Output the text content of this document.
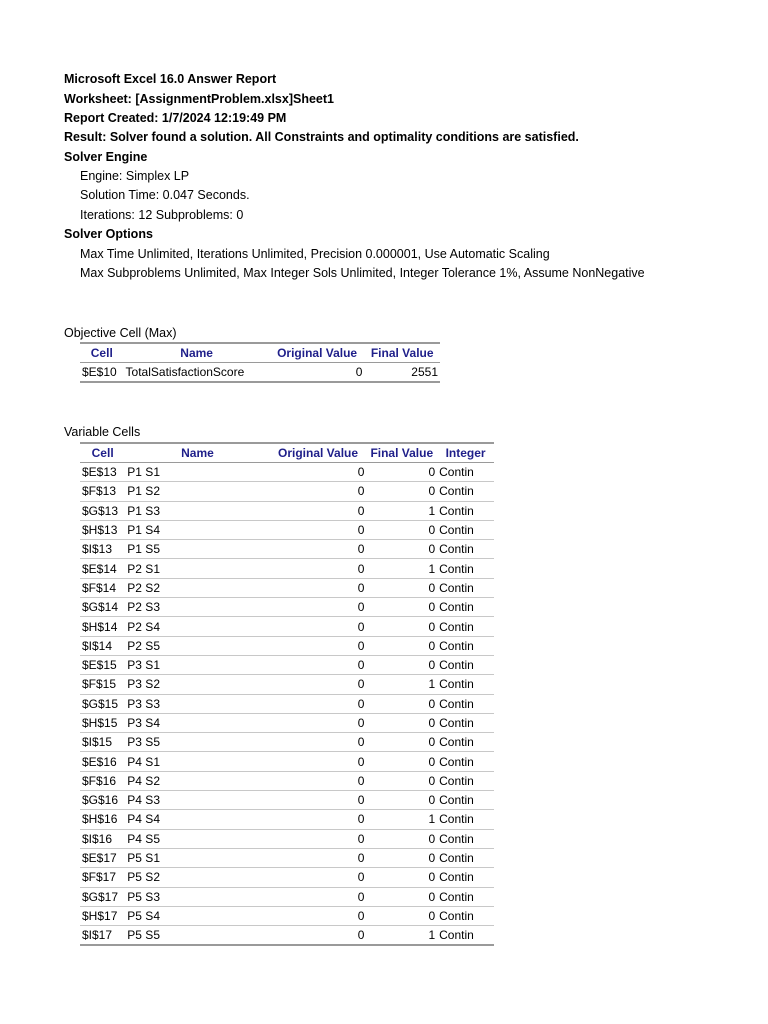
Microsoft Excel 16.0 Answer Report
Worksheet: [AssignmentProblem.xlsx]Sheet1
Report Created: 1/7/2024 12:19:49 PM
Result: Solver found a solution. All Constraints and optimality conditions are satisfied.
Solver Engine
Engine: Simplex LP
Solution Time: 0.047 Seconds.
Iterations: 12 Subproblems: 0
Solver Options
Max Time Unlimited, Iterations Unlimited, Precision 0.000001, Use Automatic Scaling
Max Subproblems Unlimited, Max Integer Sols Unlimited, Integer Tolerance 1%, Assume NonNegative
Objective Cell (Max)
Cell	Name	Original Value	Final Value
$E$10	TotalSatisfactionScore	0	2551
Variable Cells
Cell	Name	Original Value	Final Value	Integer
$E$13	P1 S1	0	0	Contin
$F$13	P1 S2	0	0	Contin
$G$13	P1 S3	0	1	Contin
$H$13	P1 S4	0	0	Contin
$I$13	P1 S5	0	0	Contin
$E$14	P2 S1	0	1	Contin
$F$14	P2 S2	0	0	Contin
$G$14	P2 S3	0	0	Contin
$H$14	P2 S4	0	0	Contin
$I$14	P2 S5	0	0	Contin
$E$15	P3 S1	0	0	Contin
$F$15	P3 S2	0	1	Contin
$G$15	P3 S3	0	0	Contin
$H$15	P3 S4	0	0	Contin
$I$15	P3 S5	0	0	Contin
$E$16	P4 S1	0	0	Contin
$F$16	P4 S2	0	0	Contin
$G$16	P4 S3	0	0	Contin
$H$16	P4 S4	0	1	Contin
$I$16	P4 S5	0	0	Contin
$E$17	P5 S1	0	0	Contin
$F$17	P5 S2	0	0	Contin
$G$17	P5 S3	0	0	Contin
$H$17	P5 S4	0	0	Contin
$I$17	P5 S5	0	1	Contin
